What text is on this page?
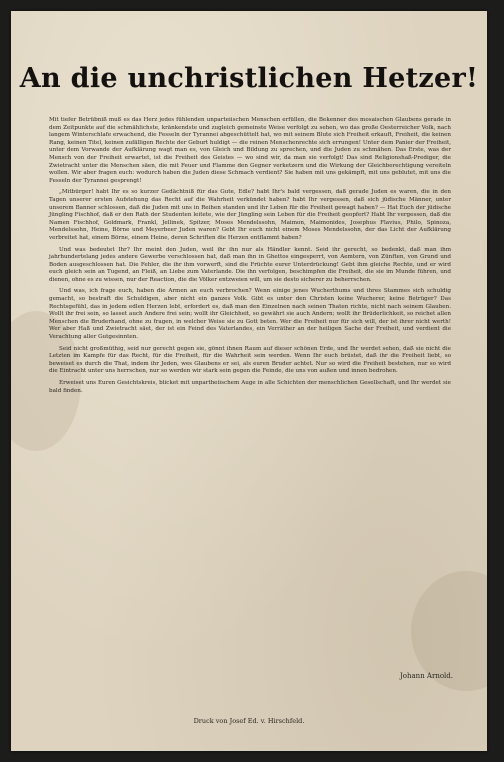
An die unchristlichen Hetzer!

Mit tiefer Betrübniß muß es das Herz jedes fühlenden unparteiischen Menschen erfüllen, die Bekenner des mosaischen Glaubens gerade in dem Zeitpunkte auf die schmählichste, kränkendste und zugleich gemeinste Weise verfolgt zu sehen, wo das große Oesterreicher Volk, nach langem Winterschlafe erwachend, die Fesseln der Tyrannei abgeschüttelt hat, wo mit seinem Blute sich Freiheit erkauft, Freiheit, die keinen Rang, keinen Titel, keinen zufälligen Rechte der Geburt huldigt — die reinen Menschenrechte sich errungen! Unter dem Panier der Freiheit, unter dem Vorwande der Aufklärung wagt man es, von Gleich und Bildung zu sprechen, und die Juden zu schmähen. Das Erste, was der Mensch von der Freiheit erwartet, ist die Freiheit des Geistes — wo sind wir, da man sie verfolgt! Das sind Religionshaß-Prediger, die Zwietracht unter die Menschen säen, die mit Feuer und Flamme den Gegner verketzern und die Wirkung der Gleichberechtigung vereiteln wollen. Wir aber fragen euch: wodurch haben die Juden diese Schmach verdient? Sie haben mit uns gekämpft, mit uns geblutet, mit uns die Fesseln der Tyrannei gesprengt!

„Mitbürger! habt Ihr es so kurzer Gedächtniß für das Gute, Edle? habt Ihr's bald vergessen, daß gerade Juden es waren, die in den Tagen unserer ersten Aufstehung das Recht auf die Wahrheit verkündet haben? habt Ihr vergessen, daß sich jüdische Männer, unter unserem Banner schlossen, daß die Juden mit uns in Reihen standen und ihr Leben für die Freiheit gewagt haben? — Hat Euch der jüdische Jüngling Fischhof, daß er den Rath der Studenten leitete, wie der Jüngling sein Leben für die Freiheit geopfert? Habt Ihr vergessen, daß die Namen Fischhof, Goldmark, Frankl, Jellinek, Spitzer, Moses Mendelssohn, Maimon, Maimonides, Josephus Flavius, Philo, Spinoza, Mendelssohn, Heine, Börne und Meyerbeer Juden waren? Gebt Ihr euch nicht einem Moses Mendelssohn, der das Licht der Aufklärung verbreitet hat, einem Börne, einem Heine, deren Schriften die Herzen entflammt haben?

Und was bedeutet Ihr? Ihr meint den Juden, weil ihr ihn nur als Händler kennt. Seid ihr gerecht, so bedenkt, daß man ihm jahrhundertelang jedes andere Gewerbe verschlossen hat, daß man ihn in Ghettos eingesperrt, von Aemtern, von Zünften, von Grund und Boden ausgeschlossen hat. Die Fehler, die ihr ihm vorwerft, sind die Früchte eurer Unterdrückung! Gebt ihm gleiche Rechte, und er wird euch gleich sein an Tugend, an Fleiß, an Liebe zum Vaterlande. Die ihn verfolgen, beschimpfen die Freiheit, die sie im Munde führen, und dienen, ohne es zu wissen, nur der Reaction, die die Völker entzweien will, um sie desto sicherer zu beherrschen.

Und was, ich frage euch, haben die Armen an euch verbrochen? Wenn einige jenes Wucherthums und ihres Stammes sich schuldig gemacht, so bestraft die Schuldigen, aber nicht ein ganzes Volk. Gibt es unter den Christen keine Wucherer, keine Betrüger? Das Rechtsgefühl, das in jedem edlen Herzen lebt, erfordert es, daß man den Einzelnen nach seinen Thaten richte, nicht nach seinem Glauben. Wollt ihr frei sein, so lasset auch Andere frei sein; wollt ihr Gleichheit, so gewährt sie auch Andern; wollt ihr Brüderlichkeit, so reichet allen Menschen die Bruderhand, ohne zu fragen, in welcher Weise sie zu Gott beten. Wer die Freiheit nur für sich will, der ist ihrer nicht werth! Wer aber Haß und Zwietracht säet, der ist ein Feind des Vaterlandes, ein Verräther an der heiligen Sache der Freiheit, und verdient die Verachtung aller Gutgesinnten.

Seid nicht großmüthig, seid nur gerecht gegen sie, gönnt ihnen Raum auf dieser schönen Erde, und Ihr werdet sehen, daß sie nicht die Letzten im Kampfe für das Recht, für die Freiheit, für die Wahrheit sein werden. Wenn Ihr euch brüstet, daß ihr die Freiheit liebt, so beweiset es durch die That, indem ihr Jeden, wes Glaubens er sei, als euren Bruder achtet. Nur so wird die Freiheit bestehen, nur so wird die Eintracht unter uns herrschen, nur so werden wir stark sein gegen die Feinde, die uns von außen und innen bedrohen.

Erweiset uns Euren Gesichtskreis, blicket mit unpartheiischem Auge in alle Schichten der menschlichen Gesellschaft, und Ihr werdet sie bald finden.

Johann Arnold.
Druck von Josef Ed. v. Hirschfeld.
